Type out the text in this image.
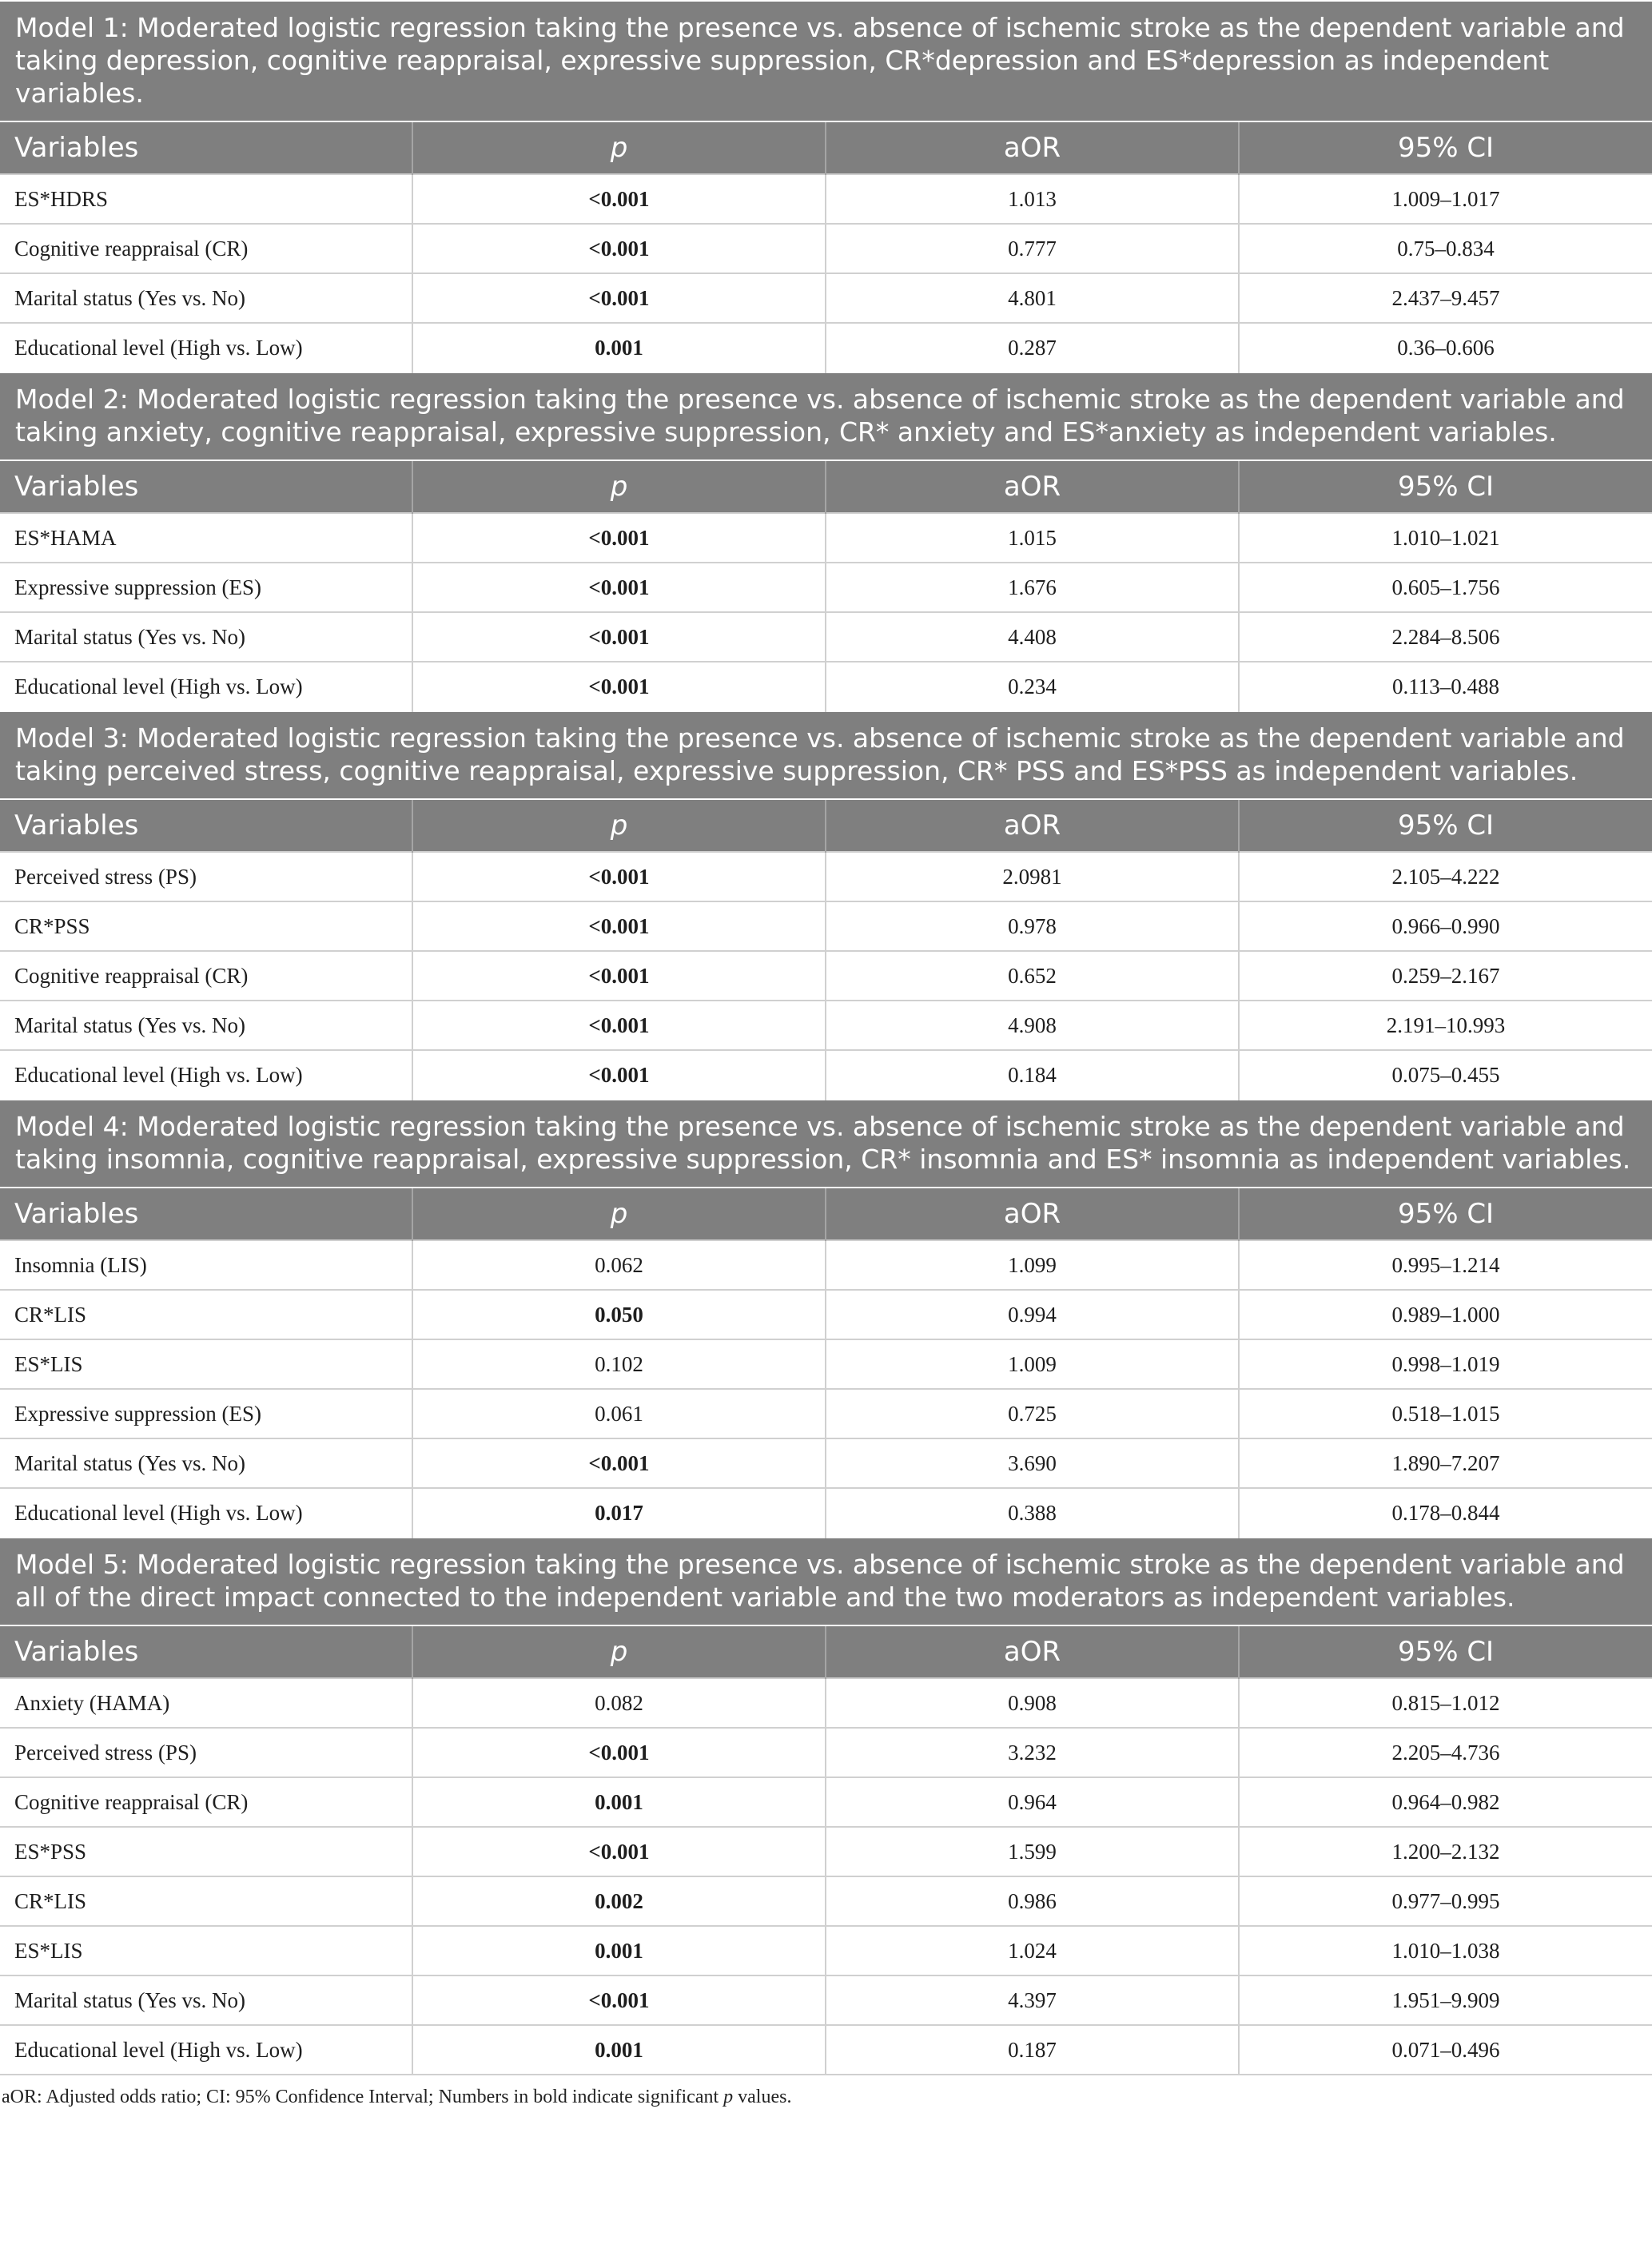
Model 1: Moderated logistic regression taking the presence vs. absence of ischemic stroke as the dependent variable and taking depression, cognitive reappraisal, expressive suppression, CR*depression and ES*depression as independent variables.			
Variables	p	aOR	95% CI
ES*HDRS	<0.001	1.013	1.009–1.017
Cognitive reappraisal (CR)	<0.001	0.777	0.75–0.834
Marital status (Yes vs. No)	<0.001	4.801	2.437–9.457
Educational level (High vs. Low)	0.001	0.287	0.36–0.606
Model 2: Moderated logistic regression taking the presence vs. absence of ischemic stroke as the dependent variable and taking anxiety, cognitive reappraisal, expressive suppression, CR* anxiety and ES*anxiety as independent variables.			
Variables	p	aOR	95% CI
ES*HAMA	<0.001	1.015	1.010–1.021
Expressive suppression (ES)	<0.001	1.676	0.605–1.756
Marital status (Yes vs. No)	<0.001	4.408	2.284–8.506
Educational level (High vs. Low)	<0.001	0.234	0.113–0.488
Model 3: Moderated logistic regression taking the presence vs. absence of ischemic stroke as the dependent variable and taking perceived stress, cognitive reappraisal, expressive suppression, CR* PSS and ES*PSS as independent variables.			
Variables	p	aOR	95% CI
Perceived stress (PS)	<0.001	2.0981	2.105–4.222
CR*PSS	<0.001	0.978	0.966–0.990
Cognitive reappraisal (CR)	<0.001	0.652	0.259–2.167
Marital status (Yes vs. No)	<0.001	4.908	2.191–10.993
Educational level (High vs. Low)	<0.001	0.184	0.075–0.455
Model 4: Moderated logistic regression taking the presence vs. absence of ischemic stroke as the dependent variable and taking insomnia, cognitive reappraisal, expressive suppression, CR* insomnia and ES* insomnia as independent variables.			
Variables	p	aOR	95% CI
Insomnia (LIS)	0.062	1.099	0.995–1.214
CR*LIS	0.050	0.994	0.989–1.000
ES*LIS	0.102	1.009	0.998–1.019
Expressive suppression (ES)	0.061	0.725	0.518–1.015
Marital status (Yes vs. No)	<0.001	3.690	1.890–7.207
Educational level (High vs. Low)	0.017	0.388	0.178–0.844
Model 5: Moderated logistic regression taking the presence vs. absence of ischemic stroke as the dependent variable and all of the direct impact connected to the independent variable and the two moderators as independent variables.			
Variables	p	aOR	95% CI
Anxiety (HAMA)	0.082	0.908	0.815–1.012
Perceived stress (PS)	<0.001	3.232	2.205–4.736
Cognitive reappraisal (CR)	0.001	0.964	0.964–0.982
ES*PSS	<0.001	1.599	1.200–2.132
CR*LIS	0.002	0.986	0.977–0.995
ES*LIS	0.001	1.024	1.010–1.038
Marital status (Yes vs. No)	<0.001	4.397	1.951–9.909
Educational level (High vs. Low)	0.001	0.187	0.071–0.496
aOR: Adjusted odds ratio; CI: 95% Confidence Interval; Numbers in bold indicate significant p values.
